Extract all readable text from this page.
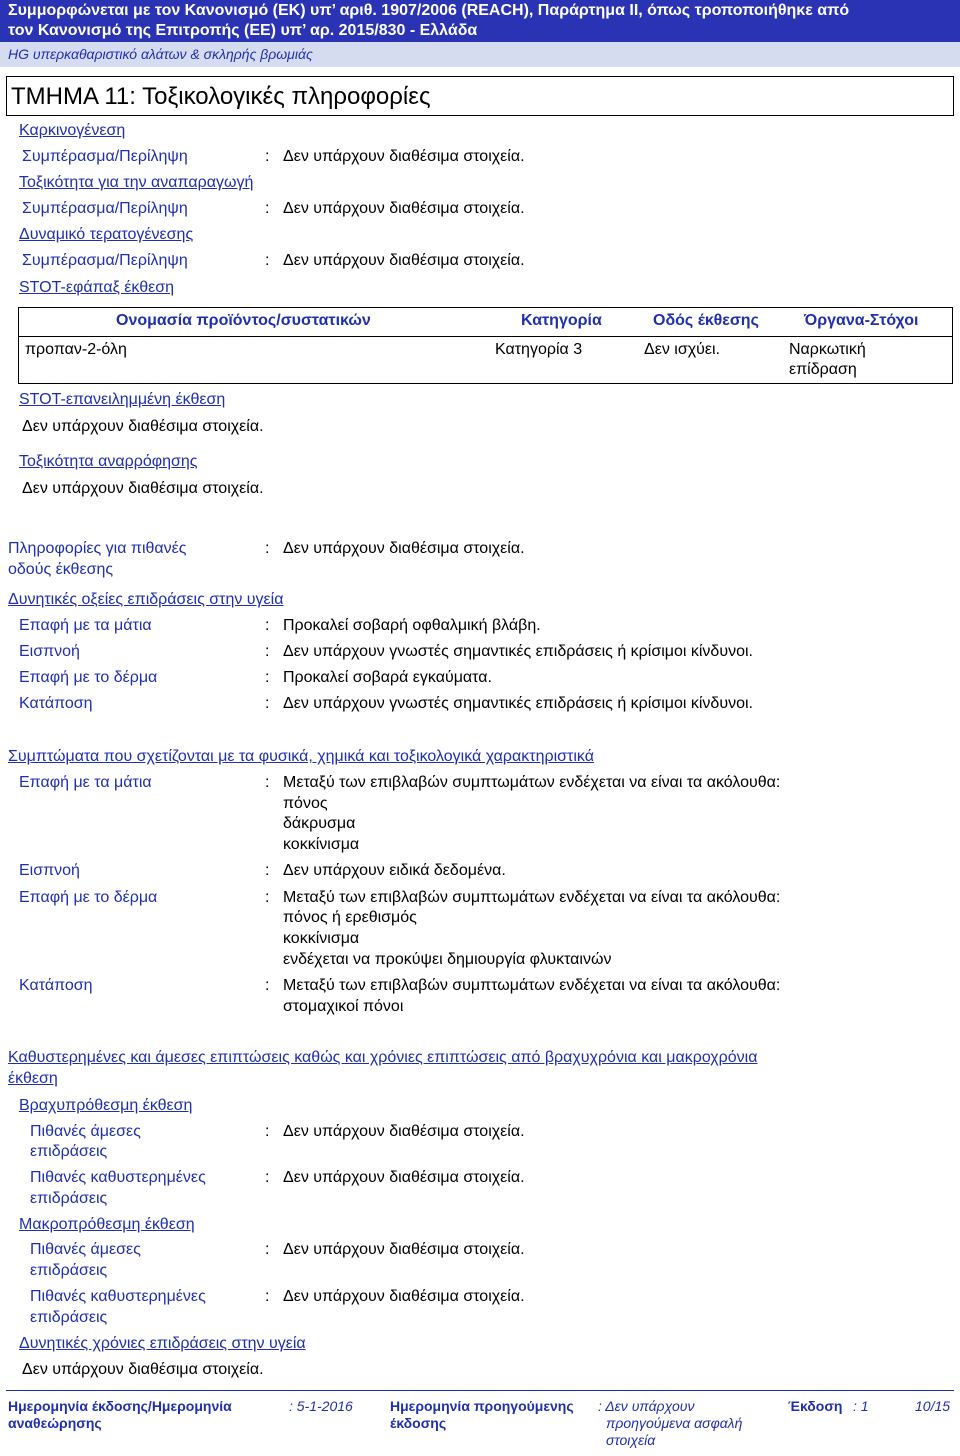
Συμμορφώνεται με τον Κανονισμό (ΕΚ) υπ’ αριθ. 1907/2006 (REACH), Παράρτημα ΙΙ, όπως τροποποιήθηκε από
τον Κανονισμό της Επιτροπής (ΕΕ) υπ’ αρ. 2015/830 - Ελλάδα
HG υπερκαθαριστικό αλάτων & σκληρής βρωμιάς
ΤΜΗΜΑ 11: Τοξικολογικές πληροφορίες
Καρκινογένεση
Συμπέρασμα/Περίληψη	: Δεν υπάρχουν διαθέσιμα στοιχεία.
Τοξικότητα για την αναπαραγωγή
Συμπέρασμα/Περίληψη	: Δεν υπάρχουν διαθέσιμα στοιχεία.
Δυναμικό τερατογένεσης
Συμπέρασμα/Περίληψη	: Δεν υπάρχουν διαθέσιμα στοιχεία.
STOT-εφάπαξ έκθεση
Ονομασία προϊόντος/συστατικών	Κατηγορία	Οδός έκθεσης	Όργανα-Στόχοι
προπαν-2-όλη	Κατηγορία 3	Δεν ισχύει.	Ναρκωτική
επίδραση
STOT-επανειλημμένη έκθεση
Δεν υπάρχουν διαθέσιμα στοιχεία.
Τοξικότητα αναρρόφησης
Δεν υπάρχουν διαθέσιμα στοιχεία.
Πληροφορίες για πιθανές
οδούς έκθεσης
: Δεν υπάρχουν διαθέσιμα στοιχεία.
Δυνητικές οξείες επιδράσεις στην υγεία
Επαφή με τα μάτια	: Προκαλεί σοβαρή οφθαλμική βλάβη.
Εισπνοή	: Δεν υπάρχουν γνωστές σημαντικές επιδράσεις ή κρίσιμοι κίνδυνοι.
Επαφή με το δέρμα	: Προκαλεί σοβαρά εγκαύματα.
Κατάποση	: Δεν υπάρχουν γνωστές σημαντικές επιδράσεις ή κρίσιμοι κίνδυνοι.
Συμπτώματα που σχετίζονται με τα φυσικά, χημικά και τοξικολογικά χαρακτηριστικά
Επαφή με τα μάτια	: Μεταξύ των επιβλαβών συμπτωμάτων ενδέχεται να είναι τα ακόλουθα:
πόνος
δάκρυσμα
κοκκίνισμα
Εισπνοή	: Δεν υπάρχουν ειδικά δεδομένα.
Επαφή με το δέρμα	: Μεταξύ των επιβλαβών συμπτωμάτων ενδέχεται να είναι τα ακόλουθα:
πόνος ή ερεθισμός
κοκκίνισμα
ενδέχεται να προκύψει δημιουργία φλυκταινών
Κατάποση	: Μεταξύ των επιβλαβών συμπτωμάτων ενδέχεται να είναι τα ακόλουθα:
στομαχικοί πόνοι
Καθυστερημένες και άμεσες επιπτώσεις καθώς και χρόνιες επιπτώσεις από βραχυχρόνια και μακροχρόνια
έκθεση
Βραχυπρόθεσμη έκθεση
Πιθανές άμεσες
επιδράσεις
: Δεν υπάρχουν διαθέσιμα στοιχεία.
Πιθανές καθυστερημένες
επιδράσεις
: Δεν υπάρχουν διαθέσιμα στοιχεία.
Μακροπρόθεσμη έκθεση
Πιθανές άμεσες
επιδράσεις
: Δεν υπάρχουν διαθέσιμα στοιχεία.
Πιθανές καθυστερημένες
επιδράσεις
: Δεν υπάρχουν διαθέσιμα στοιχεία.
Δυνητικές χρόνιες επιδράσεις στην υγεία
Δεν υπάρχουν διαθέσιμα στοιχεία.
Ημερομηνία έκδοσης/Ημερομηνία
αναθεώρησης
: 5-1-2016	Ημερομηνία προηγούμενης
έκδοσης
: Δεν υπάρχουν
προηγούμενα ασφαλή
στοιχεία
Έκδοση : 1	10/15
